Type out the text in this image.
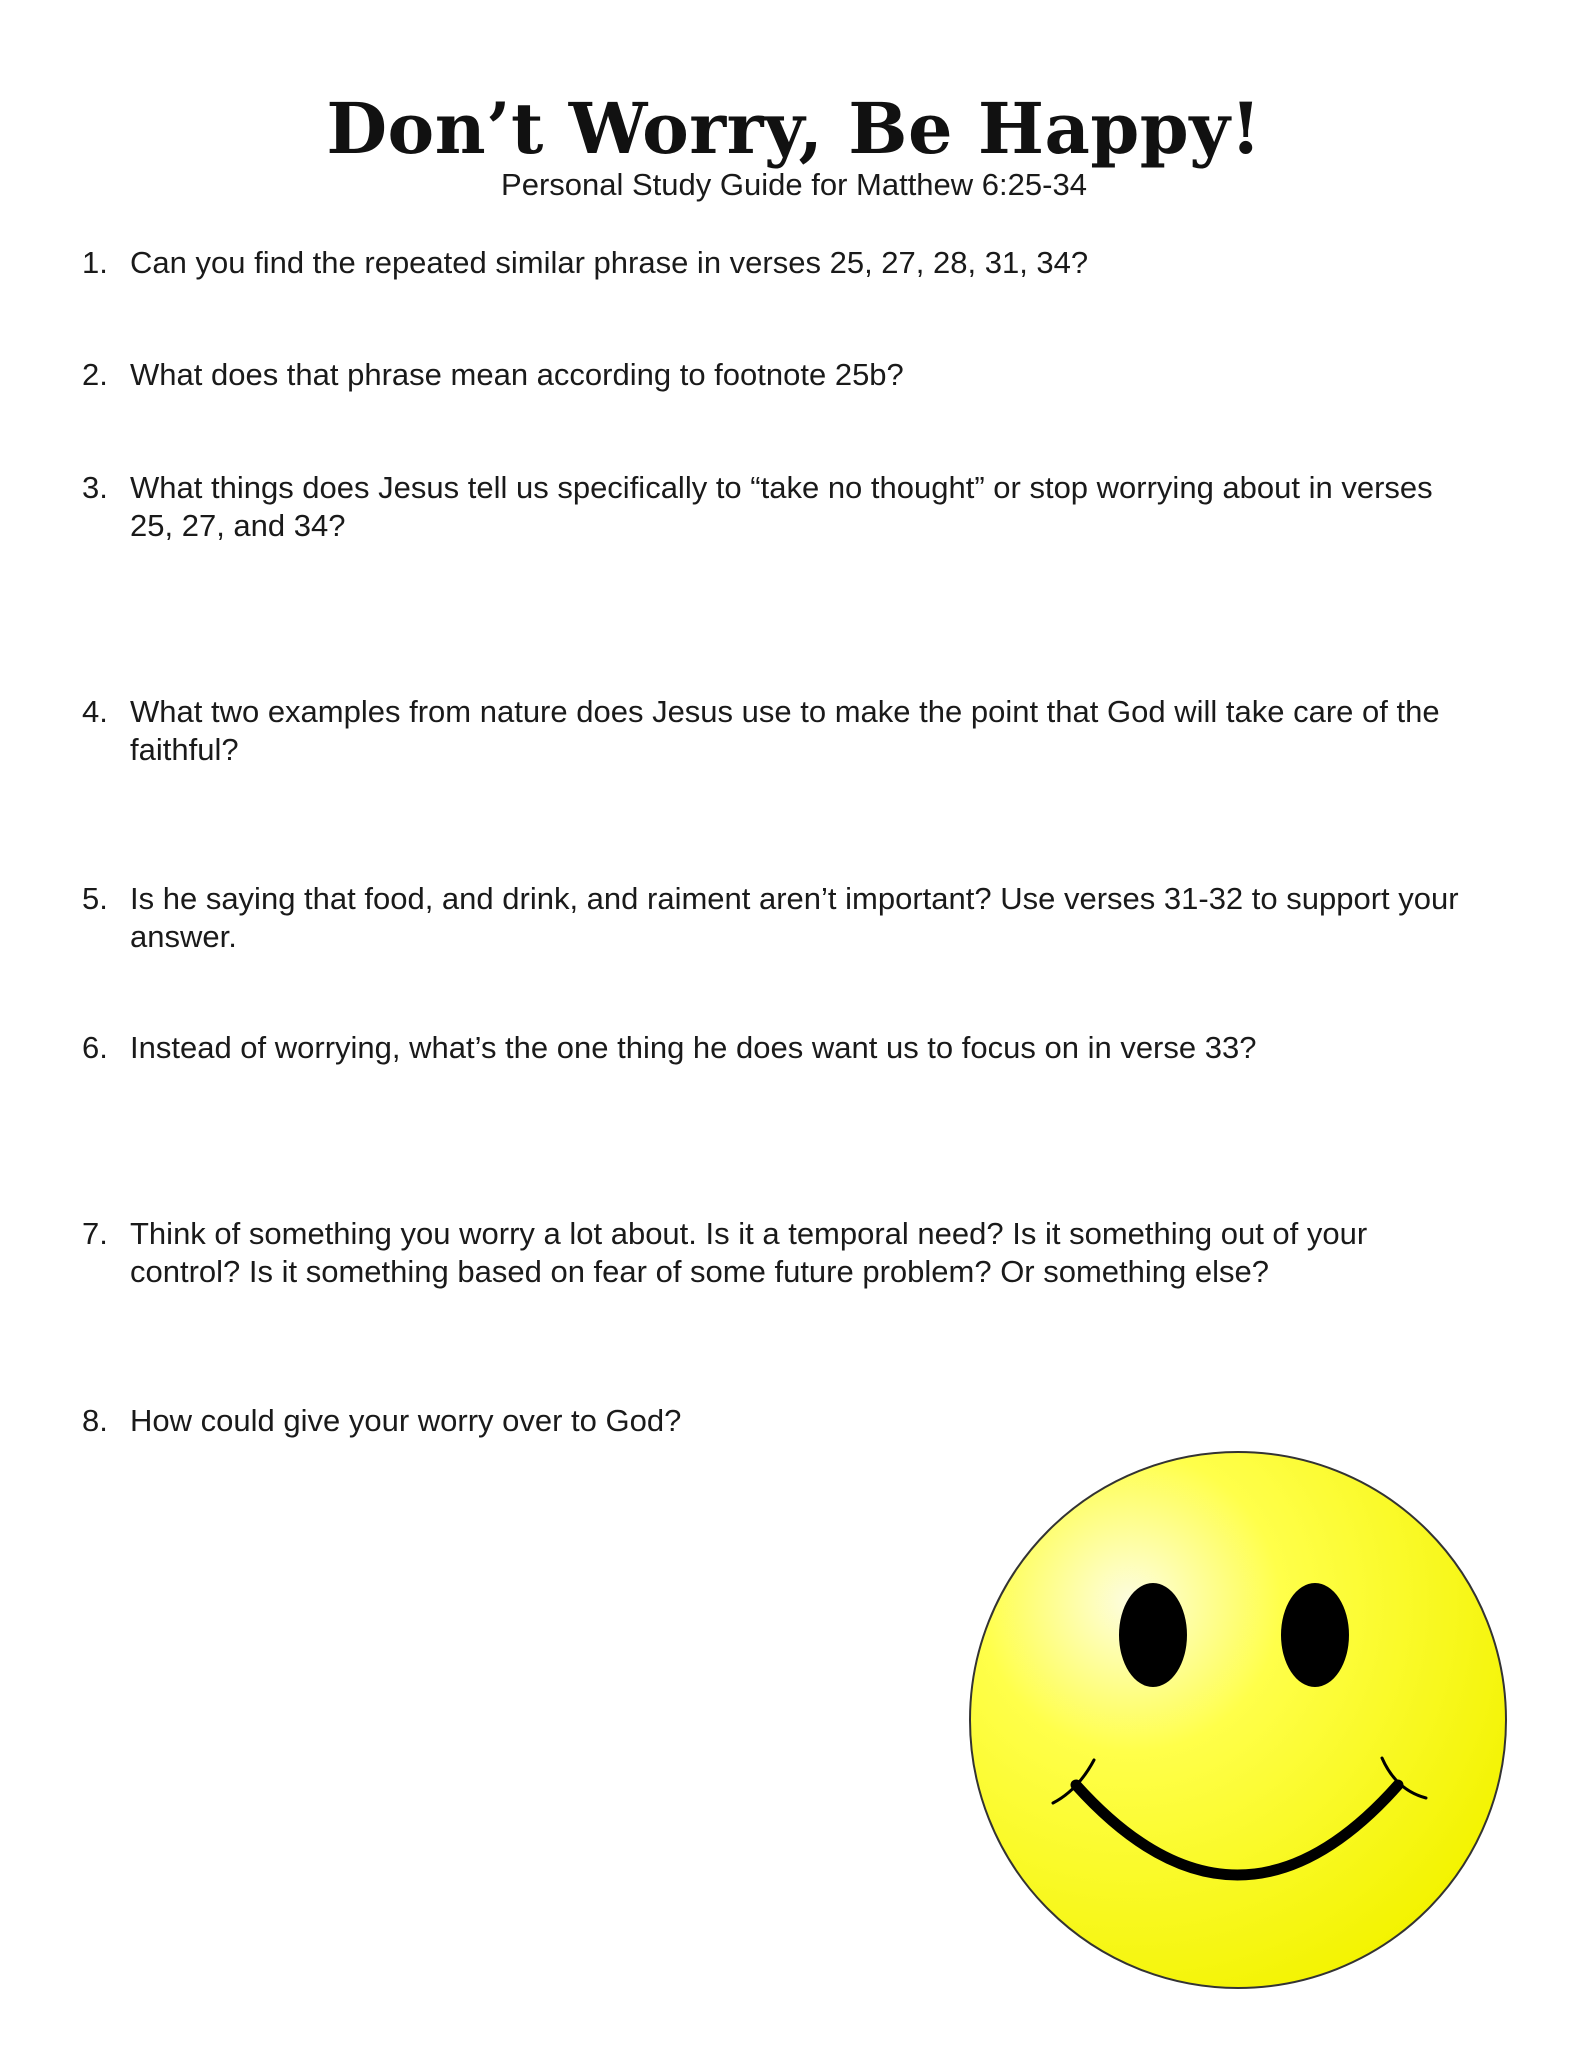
Don’t Worry, Be Happy!
Personal Study Guide for Matthew 6:25-34
1. Can you find the repeated similar phrase in verses 25, 27, 28, 31, 34?
2. What does that phrase mean according to footnote 25b?
3. What things does Jesus tell us specifically to “take no thought” or stop worrying about in verses 25, 27, and 34?
4. What two examples from nature does Jesus use to make the point that God will take care of the faithful?
5. Is he saying that food, and drink, and raiment aren’t important? Use verses 31-32 to support your answer.
6. Instead of worrying, what’s the one thing he does want us to focus on in verse 33?
7. Think of something you worry a lot about. Is it a temporal need? Is it something out of your control? Is it something based on fear of some future problem? Or something else?
8. How could give your worry over to God?
